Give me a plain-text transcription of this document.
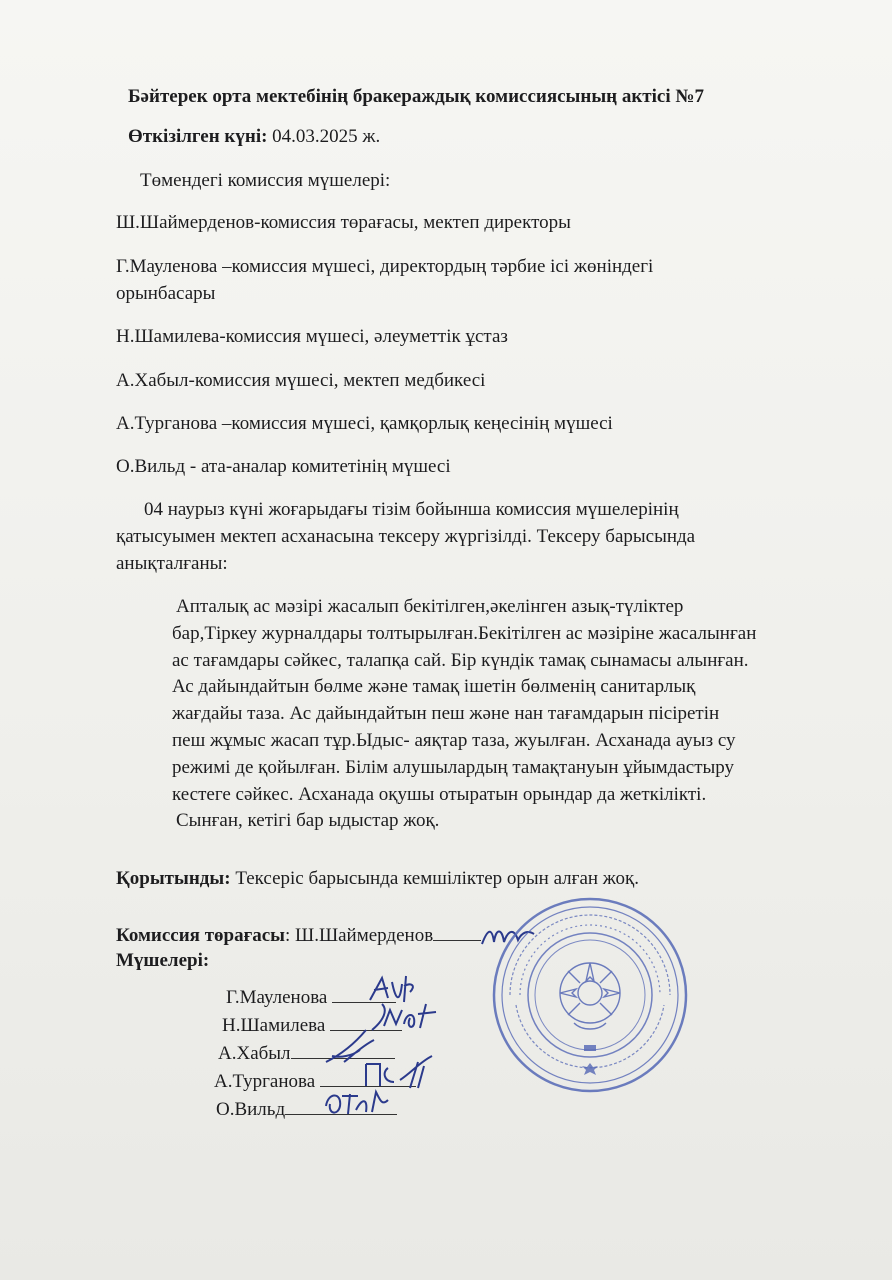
Бәйтерек орта мектебінің бракераждық комиссиясының актісі №7
Өткізілген күні: 04.03.2025 ж.
Төмендегі комиссия мүшелері:
Ш.Шаймерденов-комиссия төрағасы, мектеп директоры
Г.Мауленова –комиссия мүшесі, директордың тәрбие ісі жөніндегі
орынбасары
Н.Шамилева-комиссия мүшесі, әлеуметтік ұстаз
А.Хабыл-комиссия мүшесі, мектеп медбикесі
А.Турганова –комиссия мүшесі, қамқорлық кеңесінің мүшесі
О.Вильд - ата-аналар комитетінің мүшесі
04 наурыз күні жоғарыдағы тізім бойынша комиссия мүшелерінің
қатысуымен мектеп асханасына тексеру жүргізілді. Тексеру барысында
анықталғаны:
Апталық ас мәзірі жасалып бекітілген,әкелінген азық-түліктер
бар,Тіркеу журналдары толтырылған.Бекітілген ас мәзіріне жасалынған
ас тағамдары сәйкес, талапқа сай. Бір күндік тамақ сынамасы алынған.
Ас дайындайтын бөлме және тамақ ішетін бөлменің санитарлық
жағдайы таза. Ас дайындайтын пеш және нан тағамдарын пісіретін
пеш жұмыс жасап тұр.Ыдыс- аяқтар таза, жуылған. Асханада ауыз су
режимі де қойылған. Білім алушылардың тамақтануын ұйымдастыру
кестеге сәйкес. Асханада оқушы отыратын орындар да жеткілікті.
Сынған, кетігі бар ыдыстар жоқ.
Қорытынды: Тексеріс барысында кемшіліктер орын алған жоқ.
Комиссия төрағасы: Ш.Шаймерденов
Мүшелері:
Г.Мауленова
Н.Шамилева
А.Хабыл
А.Турганова
О.Вильд
